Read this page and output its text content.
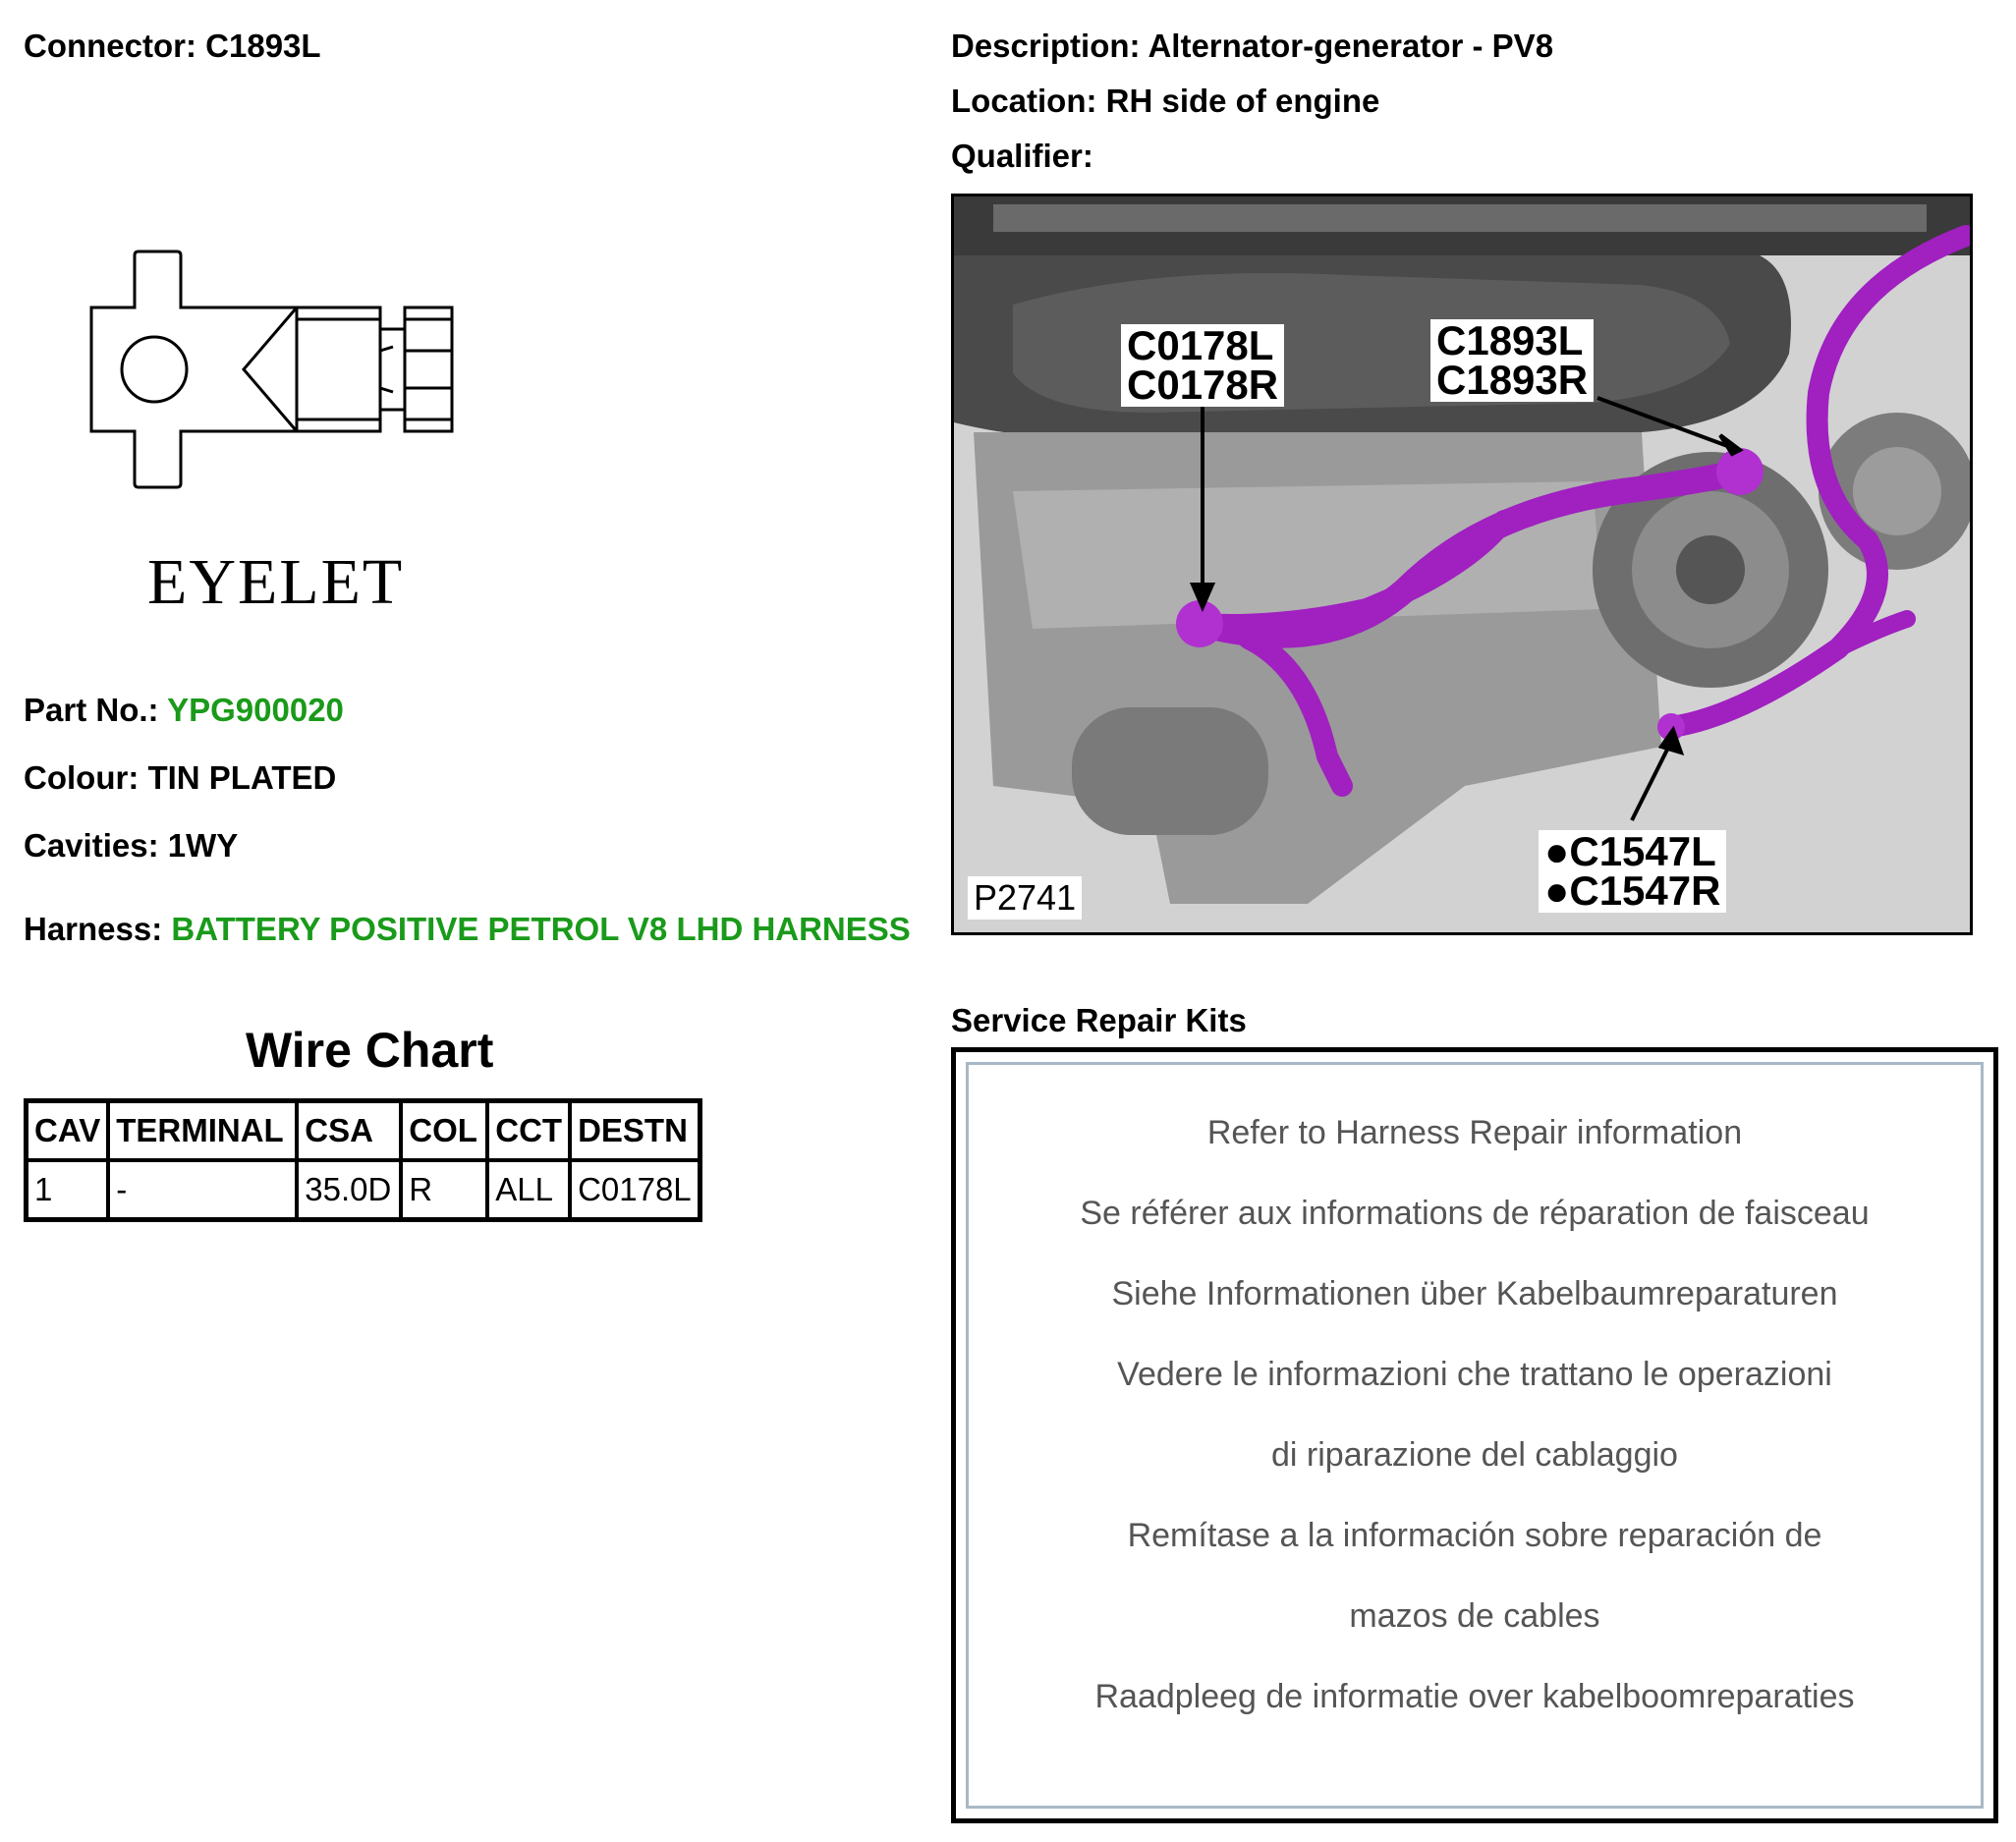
Connector: C1893L
EYELET
Part No.: YPG900020
Colour: TIN PLATED
Cavities: 1WY
Harness: BATTERY POSITIVE PETROL V8 LHD HARNESS
Wire Chart
CAV	TERMINAL	CSA	COL	CCT	DESTN
1	-	35.0D	R	ALL	C0178L
Description: Alternator-generator - PV8
Location: RH side of engine
Qualifier:
C0178L
C0178R
C1893L
C1893R
●C1547L
●C1547R
P2741
Service Repair Kits
Refer to Harness Repair information
Se référer aux informations de réparation de faisceau
Siehe Informationen über Kabelbaumreparaturen
Vedere le informazioni che trattano le operazioni
di riparazione del cablaggio
Remítase a la información sobre reparación de
mazos de cables
Raadpleeg de informatie over kabelboomreparaties
